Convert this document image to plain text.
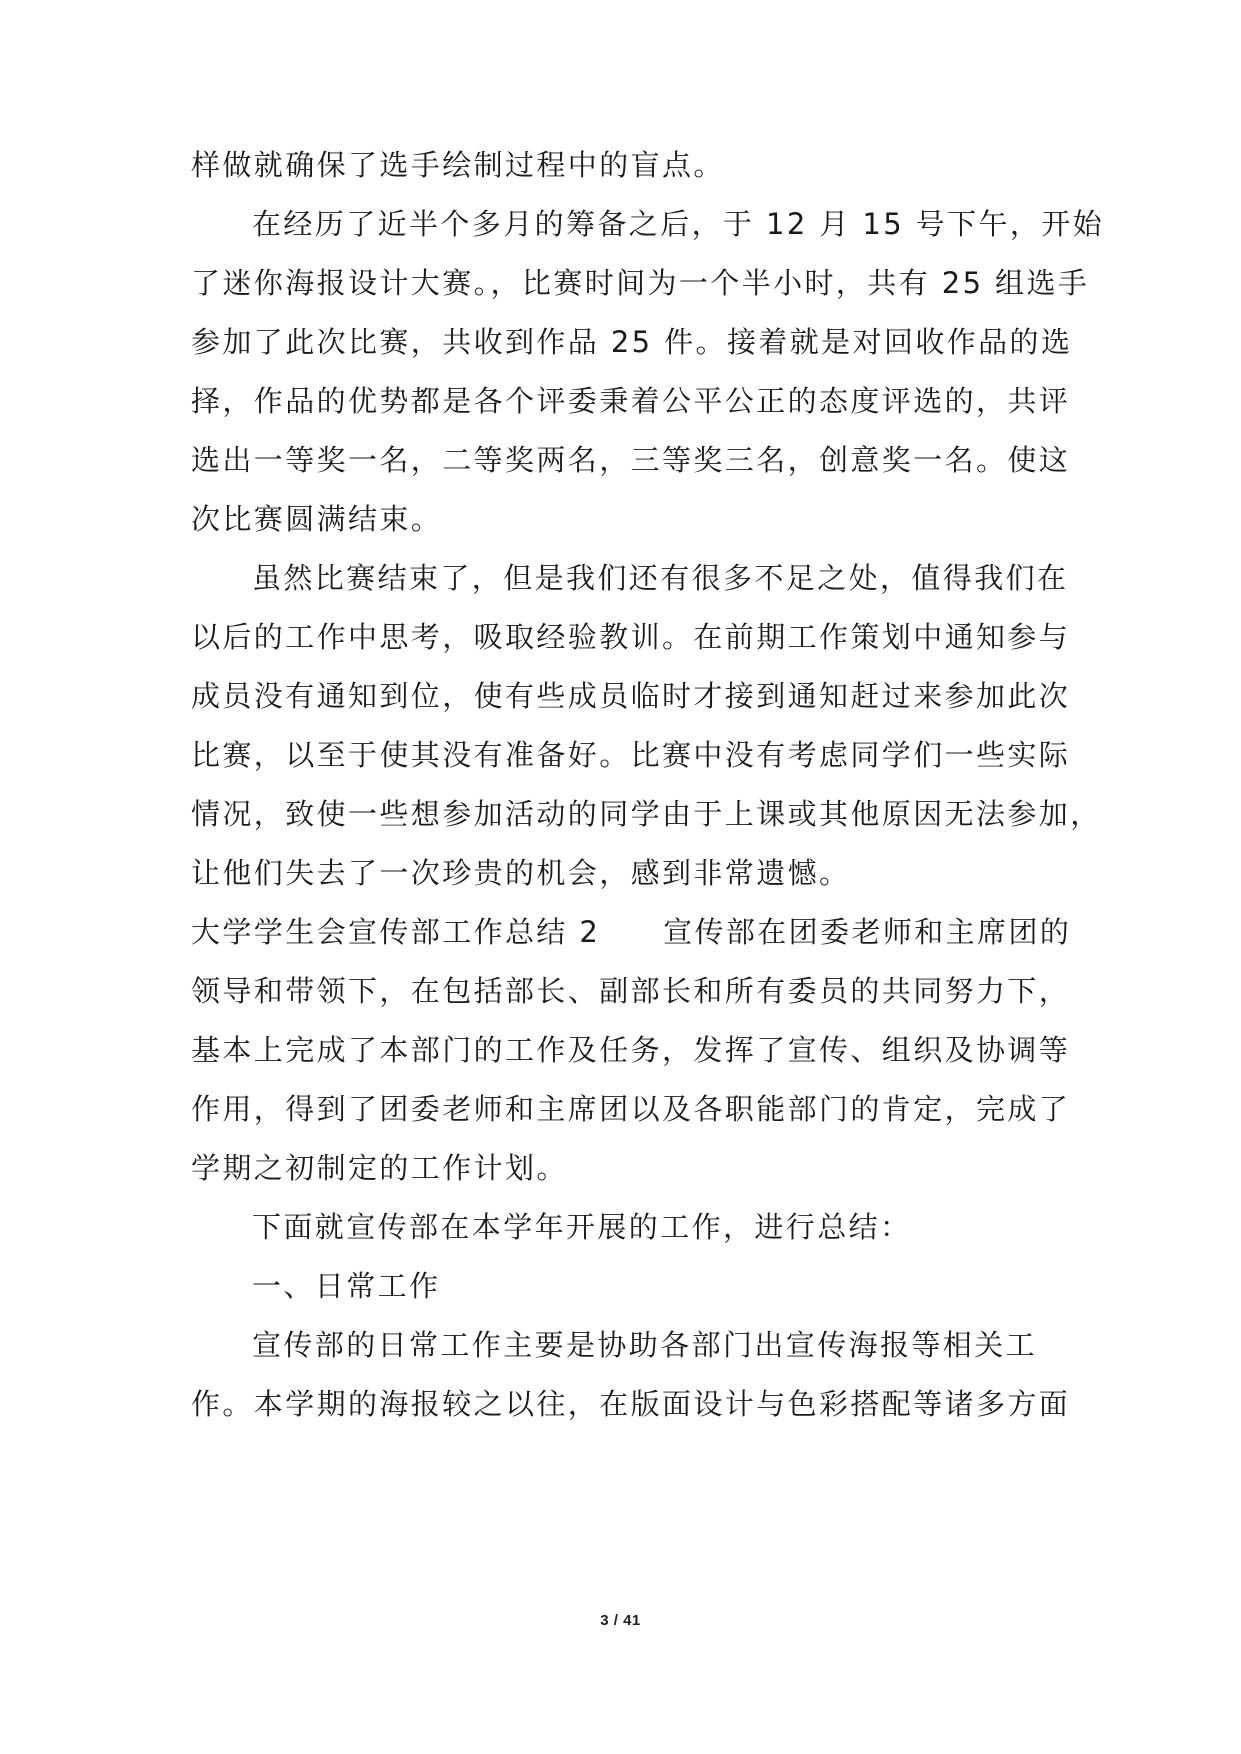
样做就确保了选手绘制过程中的盲点。
在经历了近半个多月的筹备之后，于 12 月 15 号下午，开始
了迷你海报设计大赛。，比赛时间为一个半小时，共有 25 组选手
参加了此次比赛，共收到作品 25 件。接着就是对回收作品的选
择，作品的优势都是各个评委秉着公平公正的态度评选的，共评
选出一等奖一名，二等奖两名，三等奖三名，创意奖一名。使这
次比赛圆满结束。
虽然比赛结束了，但是我们还有很多不足之处，值得我们在
以后的工作中思考，吸取经验教训。在前期工作策划中通知参与
成员没有通知到位，使有些成员临时才接到通知赶过来参加此次
比赛，以至于使其没有准备好。比赛中没有考虑同学们一些实际
情况，致使一些想参加活动的同学由于上课或其他原因无法参加，
让他们失去了一次珍贵的机会，感到非常遗憾。
大学学生会宣传部工作总结 2　　宣传部在团委老师和主席团的
领导和带领下，在包括部长、副部长和所有委员的共同努力下，
基本上完成了本部门的工作及任务，发挥了宣传、组织及协调等
作用，得到了团委老师和主席团以及各职能部门的肯定，完成了
学期之初制定的工作计划。
下面就宣传部在本学年开展的工作，进行总结：
一、日常工作
宣传部的日常工作主要是协助各部门出宣传海报等相关工
作。本学期的海报较之以往，在版面设计与色彩搭配等诸多方面
3 / 41
